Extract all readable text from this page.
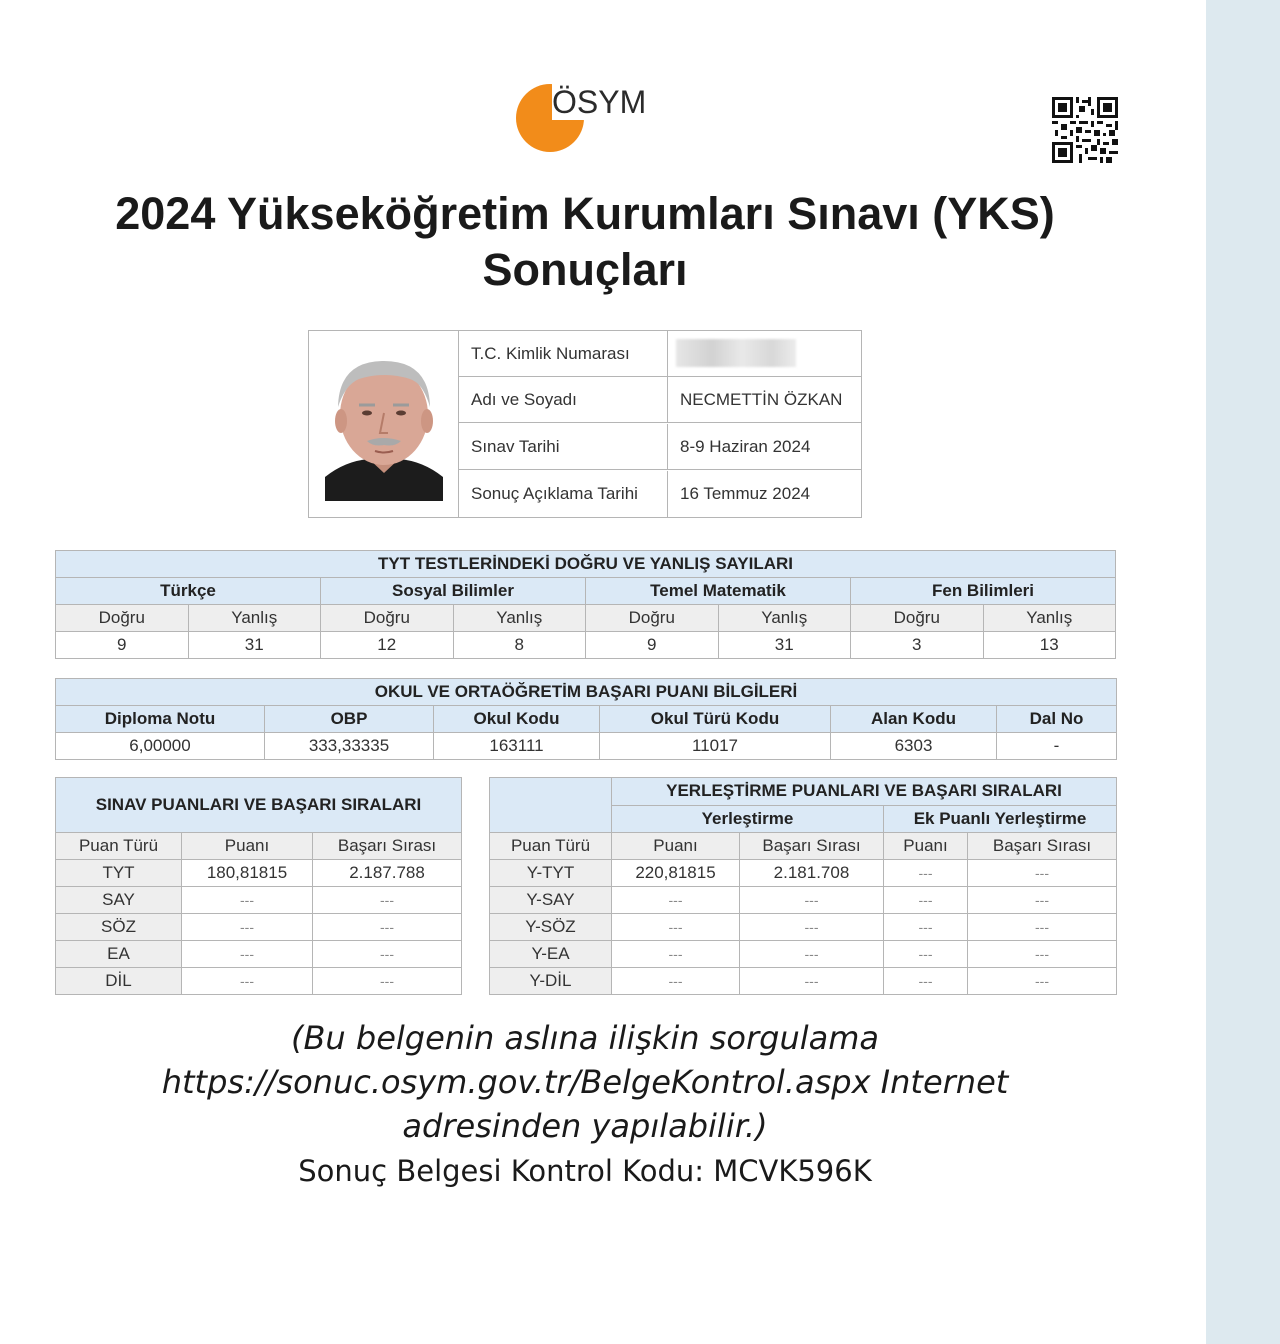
ÖSYM
2024 Yükseköğretim Kurumları Sınavı (YKS)
Sonuçları
T.C. Kimlik Numarası
Adı ve Soyadı	NECMETTİN ÖZKAN
Sınav Tarihi	8-9 Haziran 2024
Sonuç Açıklama Tarihi	16 Temmuz 2024
TYT TESTLERİNDEKİ DOĞRU VE YANLIŞ SAYILARI							
Türkçe		Sosyal Bilimler		Temel Matematik		Fen Bilimleri	
Doğru	Yanlış	Doğru	Yanlış	Doğru	Yanlış	Doğru	Yanlış
9	31	12	8	9	31	3	13
OKUL VE ORTAÖĞRETİM BAŞARI PUANI BİLGİLERİ					
Diploma Notu	OBP	Okul Kodu	Okul Türü Kodu	Alan Kodu	Dal No
6,00000	333,33335	163111	11017	6303	-
SINAV PUANLARI VE BAŞARI SIRALARI		
Puan Türü	Puanı	Başarı Sırası
TYT	180,81815	2.187.788
SAY	---	---
SÖZ	---	---
EA	---	---
DİL	---	---
	YERLEŞTİRME PUANLARI VE BAŞARI SIRALARI			
	Yerleştirme		Ek Puanlı Yerleştirme	
Puan Türü	Puanı	Başarı Sırası	Puanı	Başarı Sırası
Y-TYT	220,81815	2.181.708	---	---
Y-SAY	---	---	---	---
Y-SÖZ	---	---	---	---
Y-EA	---	---	---	---
Y-DİL	---	---	---	---
(Bu belgenin aslına ilişkin sorgulama
https://sonuc.osym.gov.tr/BelgeKontrol.aspx Internet
adresinden yapılabilir.)
Sonuç Belgesi Kontrol Kodu: MCVK596K
